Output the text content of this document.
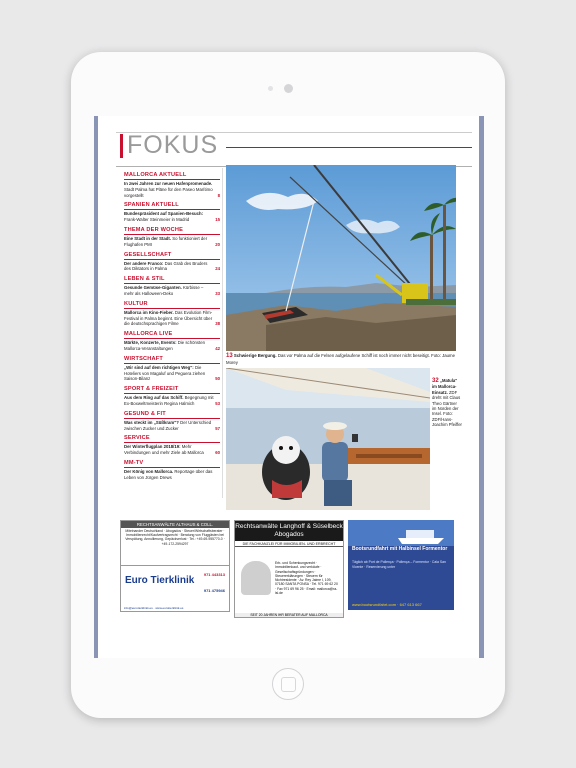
FOKUS
MALLORCA AKTUELL
In zwei Jahren zur neuen Hafenpromenade. Stadt Palma hat Pläne für den Paseo Marítimo vorgestellt	8
SPANIEN AKTUELL
Bundespräsident auf Spanien-Besuch: Frank-Walter Steinmeier in Madrid	15
THEMA DER WOCHE
Eine Stadt in der Stadt. So funktioniert der Flughafen PMI	20
GESELLSCHAFT
Der andere Franco: Das Grab des Bruders des Diktators in Palma	24
LEBEN & STIL
Gesunde Gemüse-Giganten. Kürbisse – mehr als Halloween-Deko	33
KULTUR
Mallorca im Kino-Fieber. Das Evolution Film-Festival in Palma beginnt. Eine Übersicht über die deutschsprachigen Filme	38
MALLORCA LIVE
Märkte, Konzerte, Events: Die schönsten Mallorca-Veranstaltungen	42
WIRTSCHAFT
„Wir sind auf dem richtigen Weg": Die Hoteliers von Magaluf und Peguera ziehen Saison-Bilanz	50
SPORT & FREIZEIT
Aus dem Ring auf das Schiff. Begegnung mit Ex-Boxweltmeisterin Regina Halmich	53
GESUND & FIT
Was steckt im „Süßkram"? Der Unterschied zwischen Zucker und Zucker	57
SERVICE
Der Winterflugplan 2018/19: Mehr Verbindungen und mehr Ziele ab Mallorca	60
MM-TV
Der König von Mallorca. Reportage über das Leben von Jürgen Drews
13 Schwierige Bergung. Das vor Palma auf die Felsen aufgelaufene Schiff ist noch immer nicht beseitigt. Foto: Jaume Morey
32 „Matula" im Mallorca-Einsatz. ZDF dreht mit Claus Theo Gärtner im Norden der Insel. Foto: ZDF/Hans-Joachim Pfeiffer
RECHTSANWÄLTE ALTHAUS & COLL.
Miteinander Deutschland · Abogados · Steuer/Wirtschaftsberater · Immobilienrecht/Kaufvertragsrecht · Beratung von Fluggästen bei Verspätung, Annullierung, Gepäckverlust · Tel.: +49-69-955770-0 · +49-172-2594297
Euro Tierklinik
971 443313
971 475946
info@eurotierklinik.es · www.eurotierklinik.es
Rechtsanwälte Langhoff & Süselbeck Abogados
DIE FACHKANZLEI FÜR IMMOBILIEN- UND ERBRECHT
Erb- und Schenkungsrecht · Immobilienkauf- und verkäufe · Gesellschaftsgründungen · Steuererklärungen · Steuern für Nichtresidente · Av. Rey Jaime I, 109, 07180 SANTA PONSA · Tel. 971 69 62 20 · Fax 971 69 96 25 · Email: mallorca@ra-lsl.de
SEIT 20 JAHREN IHR BERATER AUF MALLORCA
Bootsrundfahrt mit Halbinsel Formentor
Täglich ab Port de Pollença · Pollença – Formentor · Cala San Vicente · Reservierung unter
www.bootsrundfahrt.com · 647 613 667
